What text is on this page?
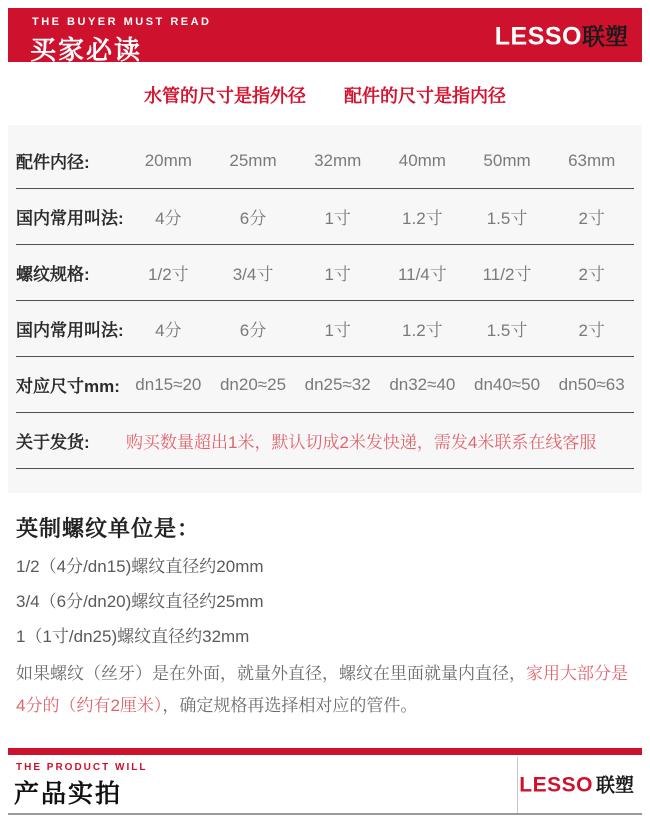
THE BUYER MUST READ
买家必读	LESSO联塑
水管的尺寸是指外径 配件的尺寸是指内径
配件内径:	20mm	25mm	32mm	40mm	50mm	63mm
国内常用叫法:	4分	6分	1寸	1.2寸	1.5寸	2寸
螺纹规格:	1/2寸	3/4寸	1寸	11/4寸	11/2寸	2寸
国内常用叫法:	4分	6分	1寸	1.2寸	1.5寸	2寸
对应尺寸mm: dn15≈20	dn20≈25	dn25≈32	dn32≈40	dn40≈50	dn50≈63
关于发货:	购买数量超出1米，默认切成2米发快递，需发4米联系在线客服
英制螺纹单位是：
1/2（4分/dn15)螺纹直径约20mm
3/4（6分/dn20)螺纹直径约25mm
1（1寸/dn25)螺纹直径约32mm
如果螺纹（丝牙）是在外面，就量外直径，螺纹在里面就量内直径，家用大部分是4分的（约有2厘米），确定规格再选择相对应的管件。
THE PRODUCT WILL
产品实拍	LESSO 联塑
